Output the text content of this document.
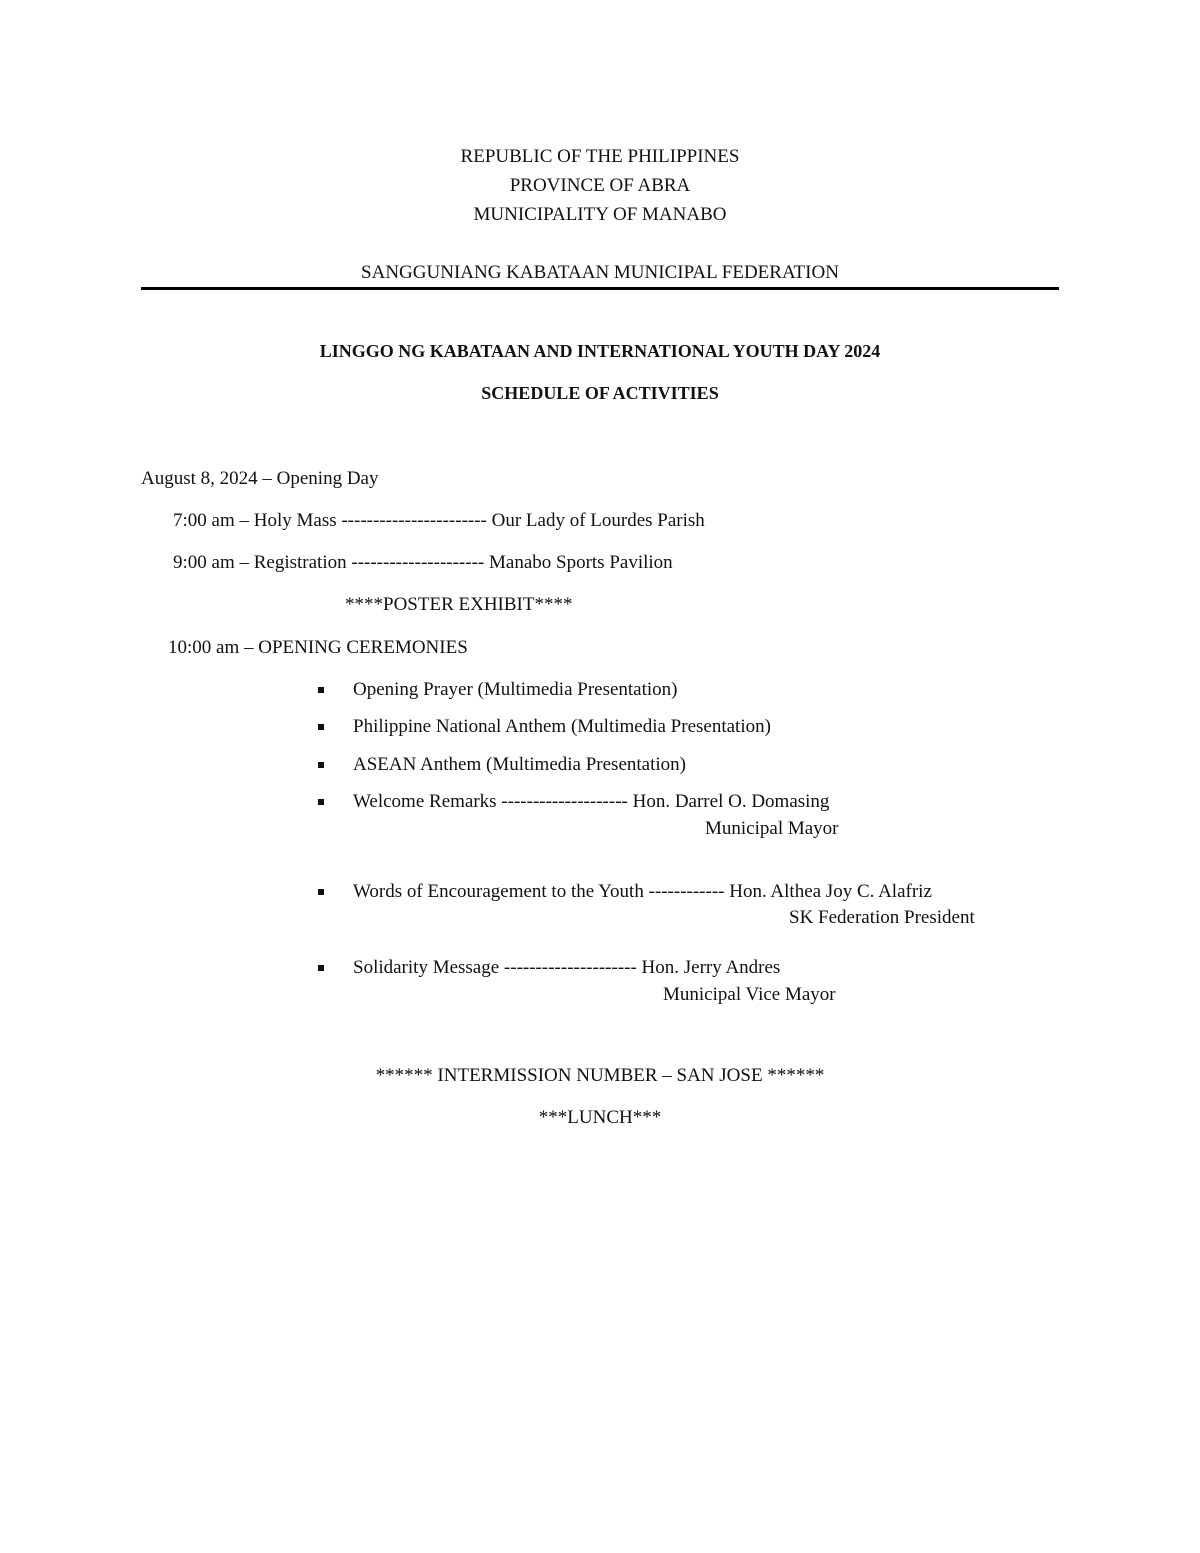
REPUBLIC OF THE PHILIPPINES
PROVINCE OF ABRA
MUNICIPALITY OF MANABO
SANGGUNIANG KABATAAN MUNICIPAL FEDERATION
LINGGO NG KABATAAN AND INTERNATIONAL YOUTH DAY 2024
SCHEDULE OF ACTIVITIES
August 8, 2024 – Opening Day
7:00 am – Holy Mass ----------------------- Our Lady of Lourdes Parish
9:00 am – Registration --------------------- Manabo Sports Pavilion
****POSTER EXHIBIT****
10:00 am – OPENING CEREMONIES
Opening Prayer (Multimedia Presentation)
Philippine National Anthem (Multimedia Presentation)
ASEAN Anthem (Multimedia Presentation)
Welcome Remarks -------------------- Hon. Darrel O. Domasing
Municipal Mayor
Words of Encouragement to the Youth ------------ Hon. Althea Joy C. Alafriz
SK Federation President
Solidarity Message --------------------- Hon. Jerry Andres
Municipal Vice Mayor
****** INTERMISSION NUMBER – SAN JOSE ******
***LUNCH***
